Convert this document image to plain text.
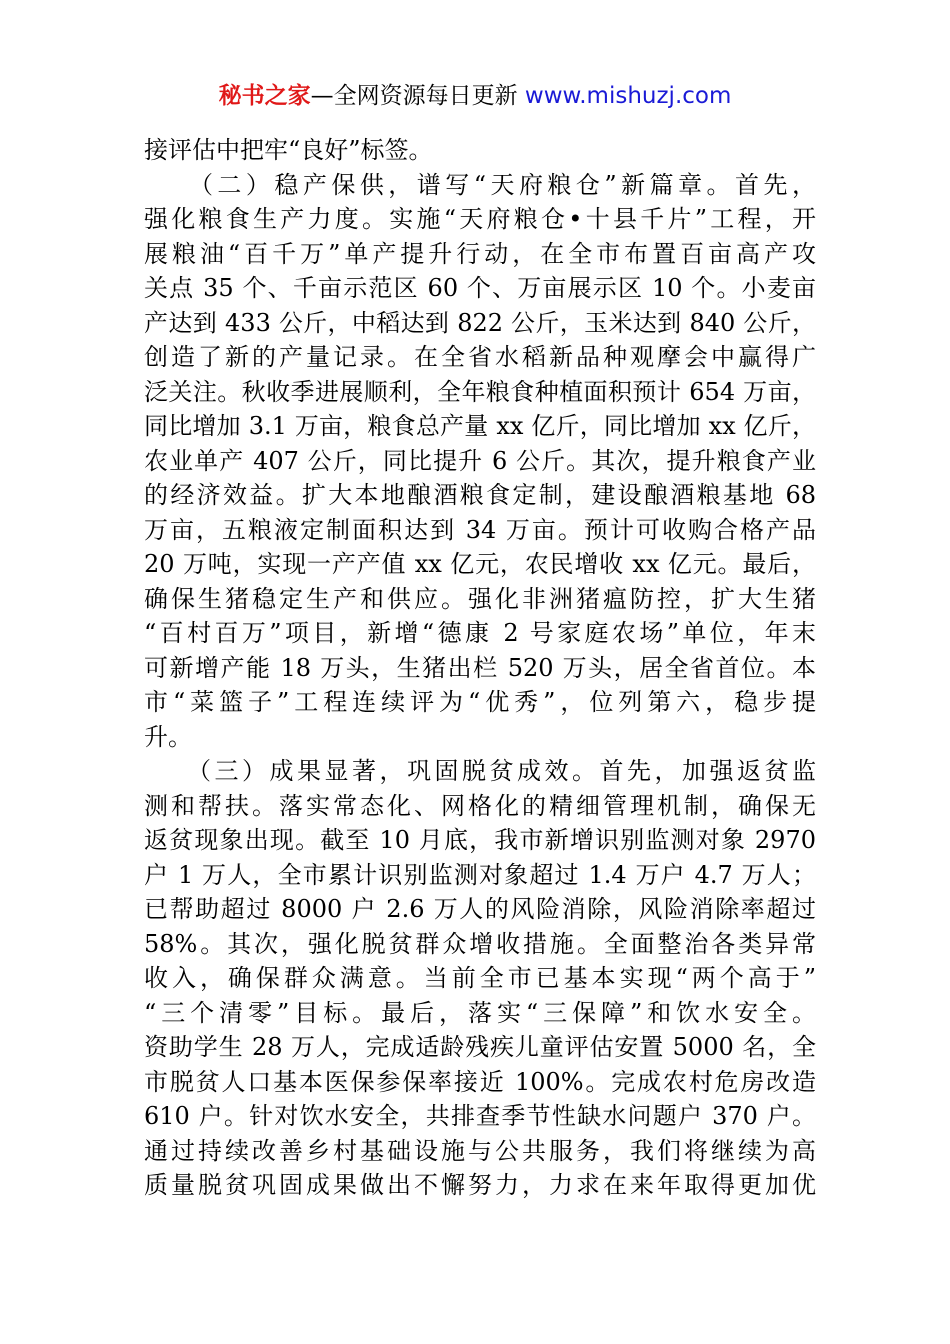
秘书之家—全网资源每日更新 www.mishuzj.com
接评估中把牢“良好”标签。
　　（二）稳产保供，谱写“天府粮仓”新篇章。首先，
强化粮食生产力度。实施“天府粮仓•十县千片”工程，开
展粮油“百千万”单产提升行动，在全市布置百亩高产攻
关点 35 个、千亩示范区 60 个、万亩展示区 10 个。小麦亩
产达到 433 公斤，中稻达到 822 公斤，玉米达到 840 公斤，
创造了新的产量记录。在全省水稻新品种观摩会中赢得广
泛关注。秋收季进展顺利，全年粮食种植面积预计 654 万亩，
同比增加 3.1 万亩，粮食总产量 xx 亿斤，同比增加 xx 亿斤，
农业单产 407 公斤，同比提升 6 公斤。其次，提升粮食产业
的经济效益。扩大本地酿酒粮食定制，建设酿酒粮基地 68
万亩，五粮液定制面积达到 34 万亩。预计可收购合格产品
20 万吨，实现一产产值 xx 亿元，农民增收 xx 亿元。最后，
确保生猪稳定生产和供应。强化非洲猪瘟防控，扩大生猪
“百村百万”项目，新增“德康 2 号家庭农场”单位，年末
可新增产能 18 万头，生猪出栏 520 万头，居全省首位。本
市“菜篮子”工程连续评为“优秀”，位列第六，稳步提
升。
　　（三）成果显著，巩固脱贫成效。首先，加强返贫监
测和帮扶。落实常态化、网格化的精细管理机制，确保无
返贫现象出现。截至 10 月底，我市新增识别监测对象 2970
户 1 万人，全市累计识别监测对象超过 1.4 万户 4.7 万人；
已帮助超过 8000 户 2.6 万人的风险消除，风险消除率超过
58%。其次，强化脱贫群众增收措施。全面整治各类异常
收入，确保群众满意。当前全市已基本实现“两个高于”
“三个清零”目标。最后，落实“三保障”和饮水安全。
资助学生 28 万人，完成适龄残疾儿童评估安置 5000 名，全
市脱贫人口基本医保参保率接近 100%。完成农村危房改造
610 户。针对饮水安全，共排查季节性缺水问题户 370 户。
通过持续改善乡村基础设施与公共服务，我们将继续为高
质量脱贫巩固成果做出不懈努力，力求在来年取得更加优
